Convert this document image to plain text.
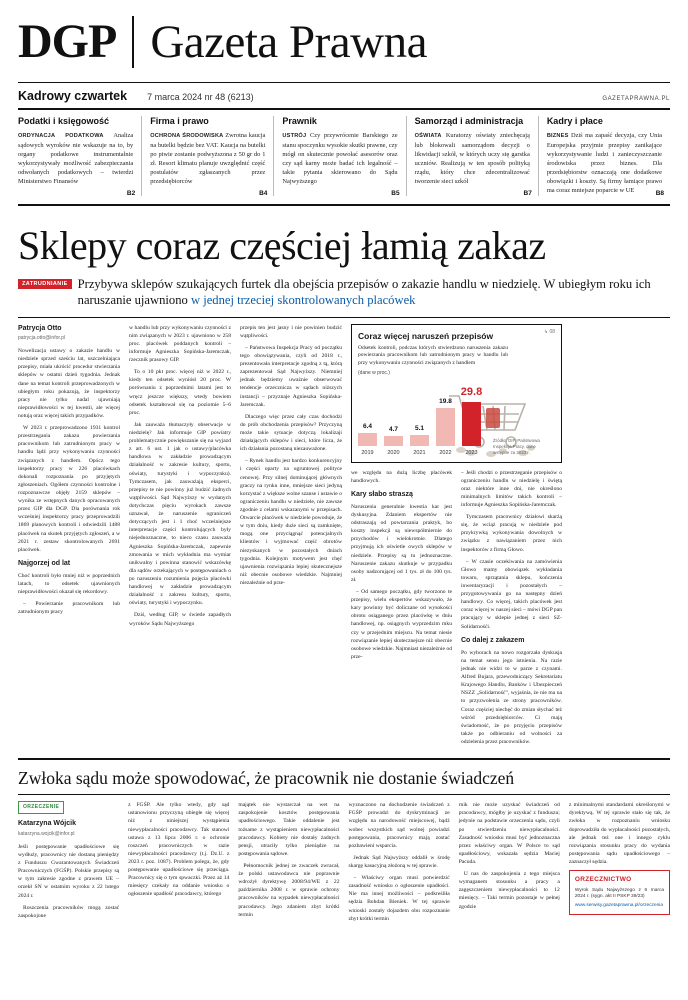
DGP Gazeta Prawna
Kadrowy czwartek 7 marca 2024 nr 48 (6213)	GAZETAPRAWNA.PL
Podatki i księgowość
ORDYNACJA PODATKOWA Analiza sądowych wyroków nie wskazuje na to, by organy podatkowe instrumentalnie wykorzystywały możliwość zabezpieczania odwołanych podatkowych – twierdzi Ministerstwo Finansów
B2
Firma i prawo
OCHRONA ŚRODOWISKA Zwrotna kaucja na butelki będzie bez VAT. Kaucja na butelki po piwie zostanie podwyższona z 50 gr do 1 zł. Resort klimatu planuje uwzględnić część postulatów zgłaszanych przez przedsiębiorców
B4
Prawnik
USTRÓJ Czy przywrócenie Barskiego ze stanu spoczynku wysokie skutki prawne, czy mógł on skutecznie powołać asesorów oraz czy sąd karny może badać ich legalność – takie pytania skierowano do Sądu Najwyższego
B5
Samorząd i administracja
OŚWIATA Kuratorzy oświaty zniechęcają lub blokowali samorządom decyzji o likwidacji szkół, w których uczy się garstka uczniów. Realizują w ten sposób polityką rządu, który chce zdecentralizować tworzenie sieci szkół
B7
Kadry i płace
BIZNES Dziś ma zapaść decyzja, czy Unia Europejska przyjmie przepisy zanikające wykorzystywanie ludzi i zanieczyszczanie środowiska przez biznes. Dla przedsiębiorstw oznaczają one dodatkowe obowiązki i koszty. Są firmy łamiące prawo ma coraz mniejsze poparcie w UE	B8
Sklepy coraz częściej łamią zakaz
ZATRUDNIANIE Przybywa sklepów szukających furtek dla obejścia przepisów o zakazie handlu w niedzielę. W ubiegłym roku ich naruszanie ujawniono w jednej trzeciej skontrolowanych placówek
Patrycja Otto
patrycja.otto@infor.pl

Nowelizacja ustawy o zakazie handlu w niedziele sprzed sześciu lat, uszczelniająca przepisy, miała ukrócić procedur stwierzania sklepów w ostatni dzień tygodnia. Jednak dane na temat kontroli przeprowadzonych w ubiegłym roku pokazują, że inspektorzy pracy nie tylko nadal ujawniają nieprawidłowości w tej kwestii, ale więcej notują oraz więcej takich przypadków.

W 2023 r. przeprowadzono 1931 kontrol przestrzegania zakazu powierzania pracownikom lub zatrudnionym pracy w handlu lądź przy wykonywaniu czynności związanych z handlem. Opócz tego inspektorzy pracy w 226 placówkach dokonali rozpoznania po przyjętych zgłoszeniach. Ogółem czynności kontrolne i rozpoznawcze objęły 2159 sklepów – wynika ze wstępnych danych opracowanych przez GIP dla DGP. Dla porównania rok wcześniej inspektorzy pracy przeprowadzili 1869 planowych kontroli i odwiedzili 1488 placówek na skutek przyjętych zgłoszeń, a w 2021 r. zestaw skontrolowanych 2691 placówek.

Najgorzej od lat

Choć kontroli było mniej niż w poprzednich latach, to odsetek ujawnionych nieprawidłowości okazał się rekordowy.

– Powierzanie pracownikom lub zatrudnionym pracy

w handlu lub przy wykonywaniu czynności z nim związanych w 2023 r. ujawniono w 258 proc. placówek poddanych kontroli – informuje Agnieszka Sopińska-Jaremczak, rzecznik prasowy GIP.

To o 10 pkt proc. więcej niż w 2022 r., kiedy ten odsetek wyniósł 20 proc. W porównaniu z poprzednimi latami jest to wręcz jeszcze większy, wtedy bowiem odsetek kształtował się na poziomie 5–6 proc.

Jak zauważa tłumaczyły obserwacje w niedzielę? Jak informuje GIP powiatry problematycznie powiększanie się na wyjazd z art. 6 ust. 1 jak o ustawy/placówka handlowa w zakładzie prowadzącym działalność w zakresie kultury, sportu, oświaty, turystyki i wypoczynku). Tymczasem, jak zauważają eksperci, przepisy te nie powinny już budzić żadnych wątpliwości. Sąd Najwyższy w wydanych dotychczas pięciu wyrokach zawsze uznawał, że naruszenie ograniczeń dotyczących jest i 1 choć wcześniejsze interpretacje części kontrolujących były niejednoznaczne, to nieco czasu zauważa Agnieszka Sopińska-Jaremczak, zapewnie zmowania w mich wykładnia ma wymiar unikwalny i powinna stanowić wskazówkę dla sądów orzekających w postępowaniach o po naruszeniu rozumienia pojęcia placówki handlowej w zakładzie prowadzącym działalność z zakresu kultury, sportu, oświaty, turystyki i wypoczynku.

Dziś, według GIP, w świetle zapadłych wyroków Sądu Najwyższego

przepis ten jest jasny i nie powinien budzić wątpliwości.

– Państwowa Inspekcja Pracy od początku tego obowiązywania, czyli od 2018 r., prezentowała interpretacje zgodną z tą, którą zaprezentował Sąd Najwyższy. Niemniej jednak będziemy uważnie obserwować tendencje orzecznicza w sądach niższych instancji – przyznaje Agnieszka Sopińska-Jaremczak.

Dlaczego więc przez cały czas dochodzi do prób obchodzenia przepisów? Przyczyną może takie sytuacje dotyczą lokalizaji działających sklepów i sieci, które licza, że ich działania pozostaną niezauważone.

– Rynek handlu jest bardzo konkurencyjny i części oparty na ugruntowej polityce cenowej. Przy silnej dominującej głównych graczy na rynku inne, mniejsze sieci jedyną korzystać z większe wolne szanse i ustawie o ograniczeniu handlu w niedziele, nie zawsze zgodnie z celami wskazanymi w przepisach. Otwarcie placówek w niedziele powoduje, że w tym dniu, kiedy duże sieci są zamknięte, mogą one przyciągnąć potencjalnych klientów i wyjmować część obrotów niezyskanych w pozostałych dniach tygodnia. Kolejnym motywem jest chęć ujawnienia rozwiązania lepiej skutecznejsze niż obecnie osobowe wiedzkie. Najmniej niezależnie od prze-

↳ 08
Coraz więcej naruszeń przepisów
Odsetek kontroli, podczas których stwierdzono naruszenia zakazu powierzania pracownikom lub zatrudnionym pracy w handlu lub przy wykonywaniu czynności związanych z handlem
(dane w proc.)
6.4	4.7	5.1
19.8
29.8
2019	2020	2021	2022	2023
Źródło: GIP. Państwowa Inspekcja Pracy, dane wstępne za 2023 r.

we względu na dużą liczbę placówek handlowych.

Kary słabo straszą

Naruszenia generalnie kwestia kar jest dyskusyjna. Zdaniem ekspertów nie odstraszają od powtarzania praktyk, bo koszty inspekcji są niewspółmiernie do przychodów i wielokrotnie. Dlatego przyjmują ich oświetle owych sklepów w niedziele. Przepisy są tu jednoznaczne. Naruszenie zakazu skutkuje w przypadku osoby nadzorującej od 1 tys. zł do 100 tys. zł.

– Od samego początku, gdy tworzono te przepisy, wielu ekspertów wskazywało, że kary powinny być doliczane od wysokości obrotu osiąganego przez placówkę w dniu handlowej, np. osiągnych wyprzedzim mku czy w przejednim miejscu. Na temat niesie rozwiązanie lepiej skutecznejsze niż obecnie osobowe wiedzkie. Najmniast niezależnie od prze-

– Jeśli chodzi o przestrzeganie przepisów o ograniczeniu handlu w niedzielę i świętą oraz niektóre inne dni, nie określono minimalnych limitów takich kontroli – informuje Agnieszka Sopińska-Jaremczak.

Tymczasem pracownicy działowi skarżą się, że wciąż pracują w niedziele pod przykrywką wykonywania dowolnych w związku z nawiązaniem przez nich inspektorów z firmą Głowo.

– W czasie oczekiwania na zamówienia Głowo mamy obowiązek wykładania towaru, sprzątania sklepu, kończenia inwentaryzacji i pozostałych – przygotowywania go na następny dzień handlowy. Co więcej, takich placówek jest coraz więcej w naszej sieci – mówi DGP pan pracujący w sklepie jednej z sieci SZ-Solidarnośći.

Co dalej z zakazem

Po wyborach na nowo rozgorzała dyskusja na temat sensu jego istnienia. Na razie jednak nie widzi to w parze z czynami. Alfred Bujara, przewodniczący Sekretariatu Krajowego Handlu, Banków i Ubezpieczeń NSZZ „Solidarność”, wyjaśnia, że nie ma na to przyzwolenia ze strony pracowników. Coraz częściej niechęć do zmian słychać też wśród przedsiębiorców. Ci mają świadomość, że po przyjęciu przepisów także po odbieraniu od wolności za odzielenia przez pracowników.

Zwłoka sądu może spowodować, że pracownik nie dostanie świadczeń
ORZECZENIE
Katarzyna Wójcik
katarzyna.wojcik@infor.pl

Jeśli postępowanie upadłościowe się wydłuży, pracownicy nie dostaną pieniędzy z Funduszu Gwarantowanych Świadczeń Pracowniczych (FGŚP). Polskie przepisy są w tym zakresie zgodne z prawem UE – orzekł SN w ostatnim wyroku z 22 lutego 2024 r.

Roszczenia pracowników mogą zostać zaspokojone

z FGŚP. Ale tylko wtedy, gdy sąd ustanowionu przyczyną ubiegłe się więcej niż z niniejszej wystąpienia niewypłacalności pracodawcy. Tak stanowi ustawa z 13 lipca 2006 r. o ochronie roszczeń pracowniczych w razie niewypłacalności pracodawcy (t.j. Dz.U. z 2023 r. poz. 1087). Problem polega, że, gdy postępowanie upadłościowe się przeciąga. Pracownicy się o tym spwaczki. Przez aż 14 miesięcy czekały na oddanie wniosku o ogłoszenie upadłość pracodawcy, którego

majątek nie wystarczał na wet na zaspokojenie kosztów postępowania upadłościowego. Takie oddalenie jest tożsame z wystąpieniem niewypłacalności pracodawcy. Kobiety nie dostały żadnych pensji, utraciły tylko pieniądze na postępowania sądowe.

Pełnomocnik jednej ze zwaczek zwracał, że polski ustawodawca nie poprawnie wdrożył dyrektywę 2008/94/WE z 22 października 2008 r. w sprawie ochrony pracowników na wypadek niewypłacalności pracodawcy. Jego zdaniem zbyt krótki termin

wyznaczono na dochodzenie świadczeń z FGŚP prowadzi do dyskryminacji ze względu na narodowość miejscowej, bądź wobec wszystkich sąd wolnej powiadzi postępowania, pracownicy mają zostać pozbawieni wsparcia.

Jednak Sąd Najwyższy oddalił w środę skargę kasacyjną złożoną w tej sprawie.

– Właściwy organ musi potwierdzić zasadność wniosku o ogłoszenie upadłości. Nie ma innej możliwości – podkreśliła sędzia Bohdan Bieniek. W tej sprawie wnioski zostały dojazdem obu rozpoznanie zbyt krótki termin

rnik nie może uzyskać świadczeń od pracodawcy, mógłby je uzyskać z funduszu; jedynie na podstawie orzeczenia sądu, czyli po stwierdzeniu niewypłacalności. Zasadność wniosku musi być jednoznaczna przez właściwy organ. W Polsce to sąd upadłościowy, wskazała sędzia Maciej Pacuda.

U nas do zaspokojenia z tego miejsca wymaganem stosunku a pracy a zagęszczeniem niewypłacalności to 12 miesięcy. – Taki termin pozostaje w pełnej zgodzie

z minimalnymi standardami określonymi w dyrektywą. W tej sprawie stało się tak, że zwłoka w rozpoznaniu wniosku doprowadziła do wypłacalności pozostałych, ale jednak też one i innego cyklu rozwiązania stosunku pracy do wydania postępowania sądu upadłościowego – zaznaczył sędzia.

ORZECZNICTWO
Wyrok Sądu Najwyższego z 6 marca 2024 r. (sygn. akt II PSKP 39/23)
www.serwisy.gazetaprawna.pl/orzeczenia
